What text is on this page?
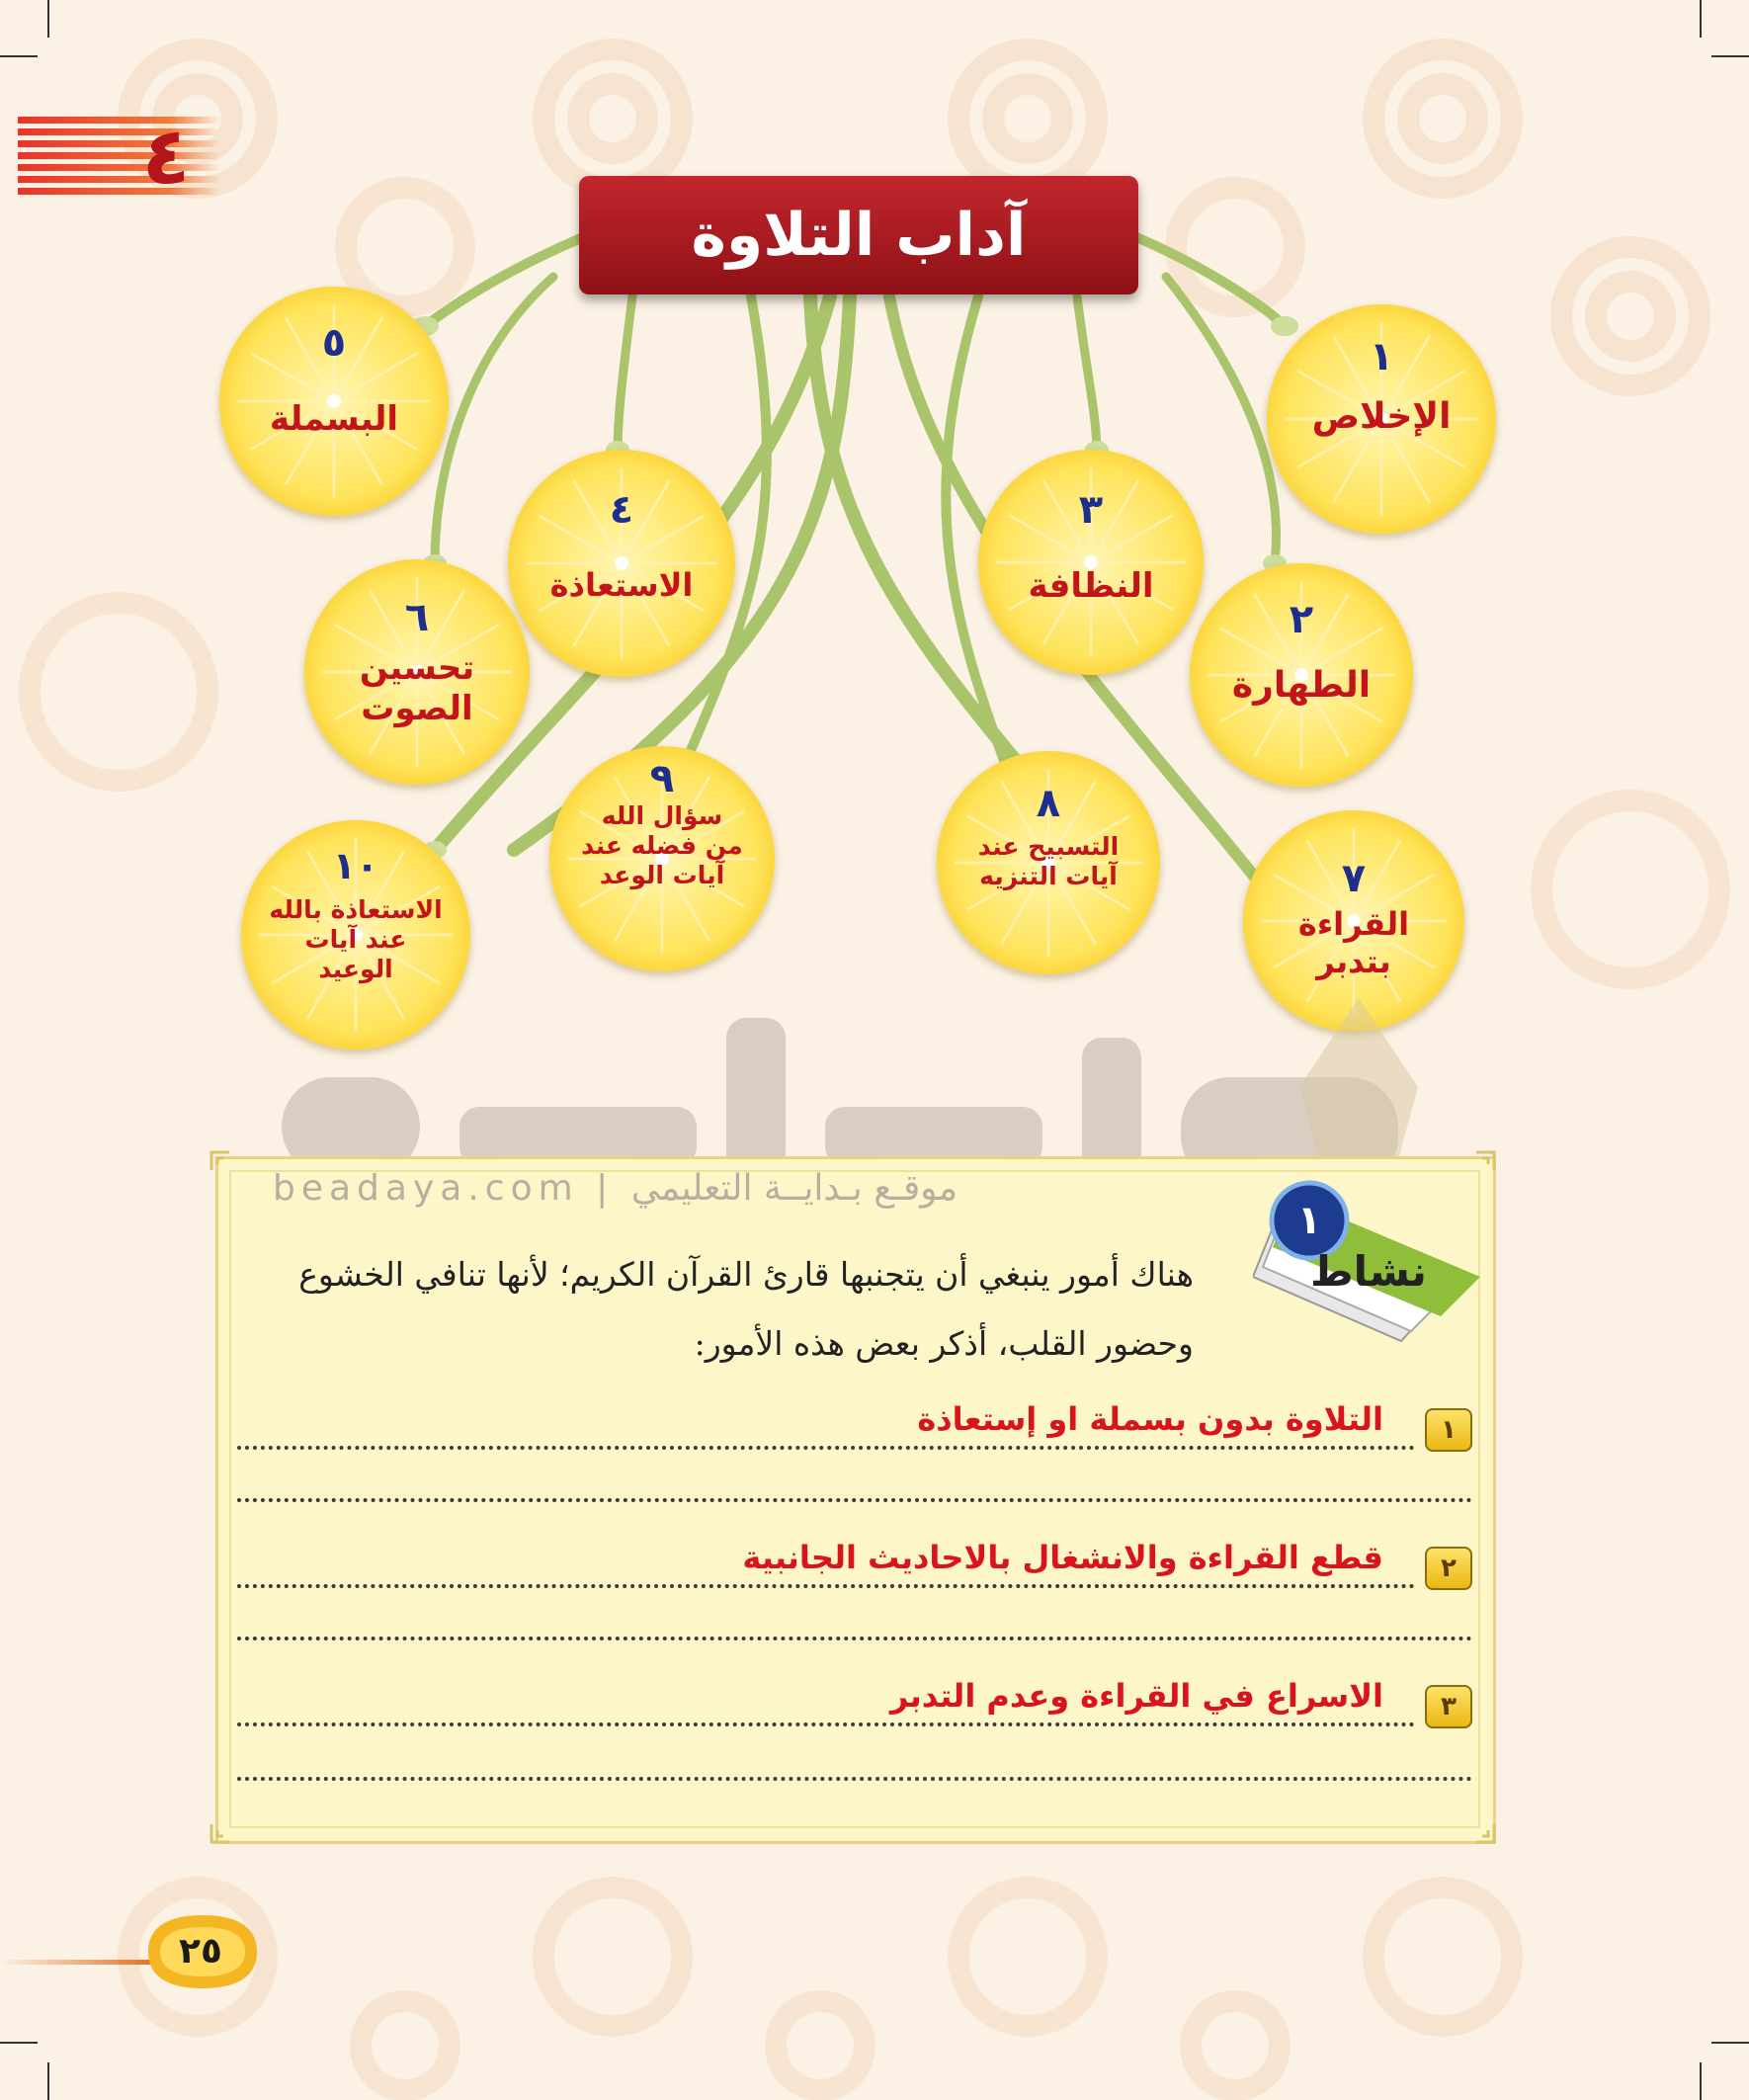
٤
آداب التلاوة
١
الإخلاص
٢
الطهارة
٣
النظافة
٤
الاستعاذة
٥
البسملة
٦
تحسين الصوت
٧
القراءة بتدبر
٨
التسبيح عند آيات التنزيه
٩
سؤال الله من فضله عند آيات الوعد
١٠
الاستعاذة بالله عند آيات الوعيد
beadaya.com | موقـع بـدايــة التعليمي
١
نشاط
هناك أمور ينبغي أن يتجنبها قارئ القرآن الكريم؛ لأنها تنافي الخشوع وحضور القلب، أذكر بعض هذه الأمور:
١
التلاوة بدون بسملة او إستعاذة
٢
قطع القراءة والانشغال بالاحاديث الجانبية
٣
الاسراع في القراءة وعدم التدبر
٢٥
